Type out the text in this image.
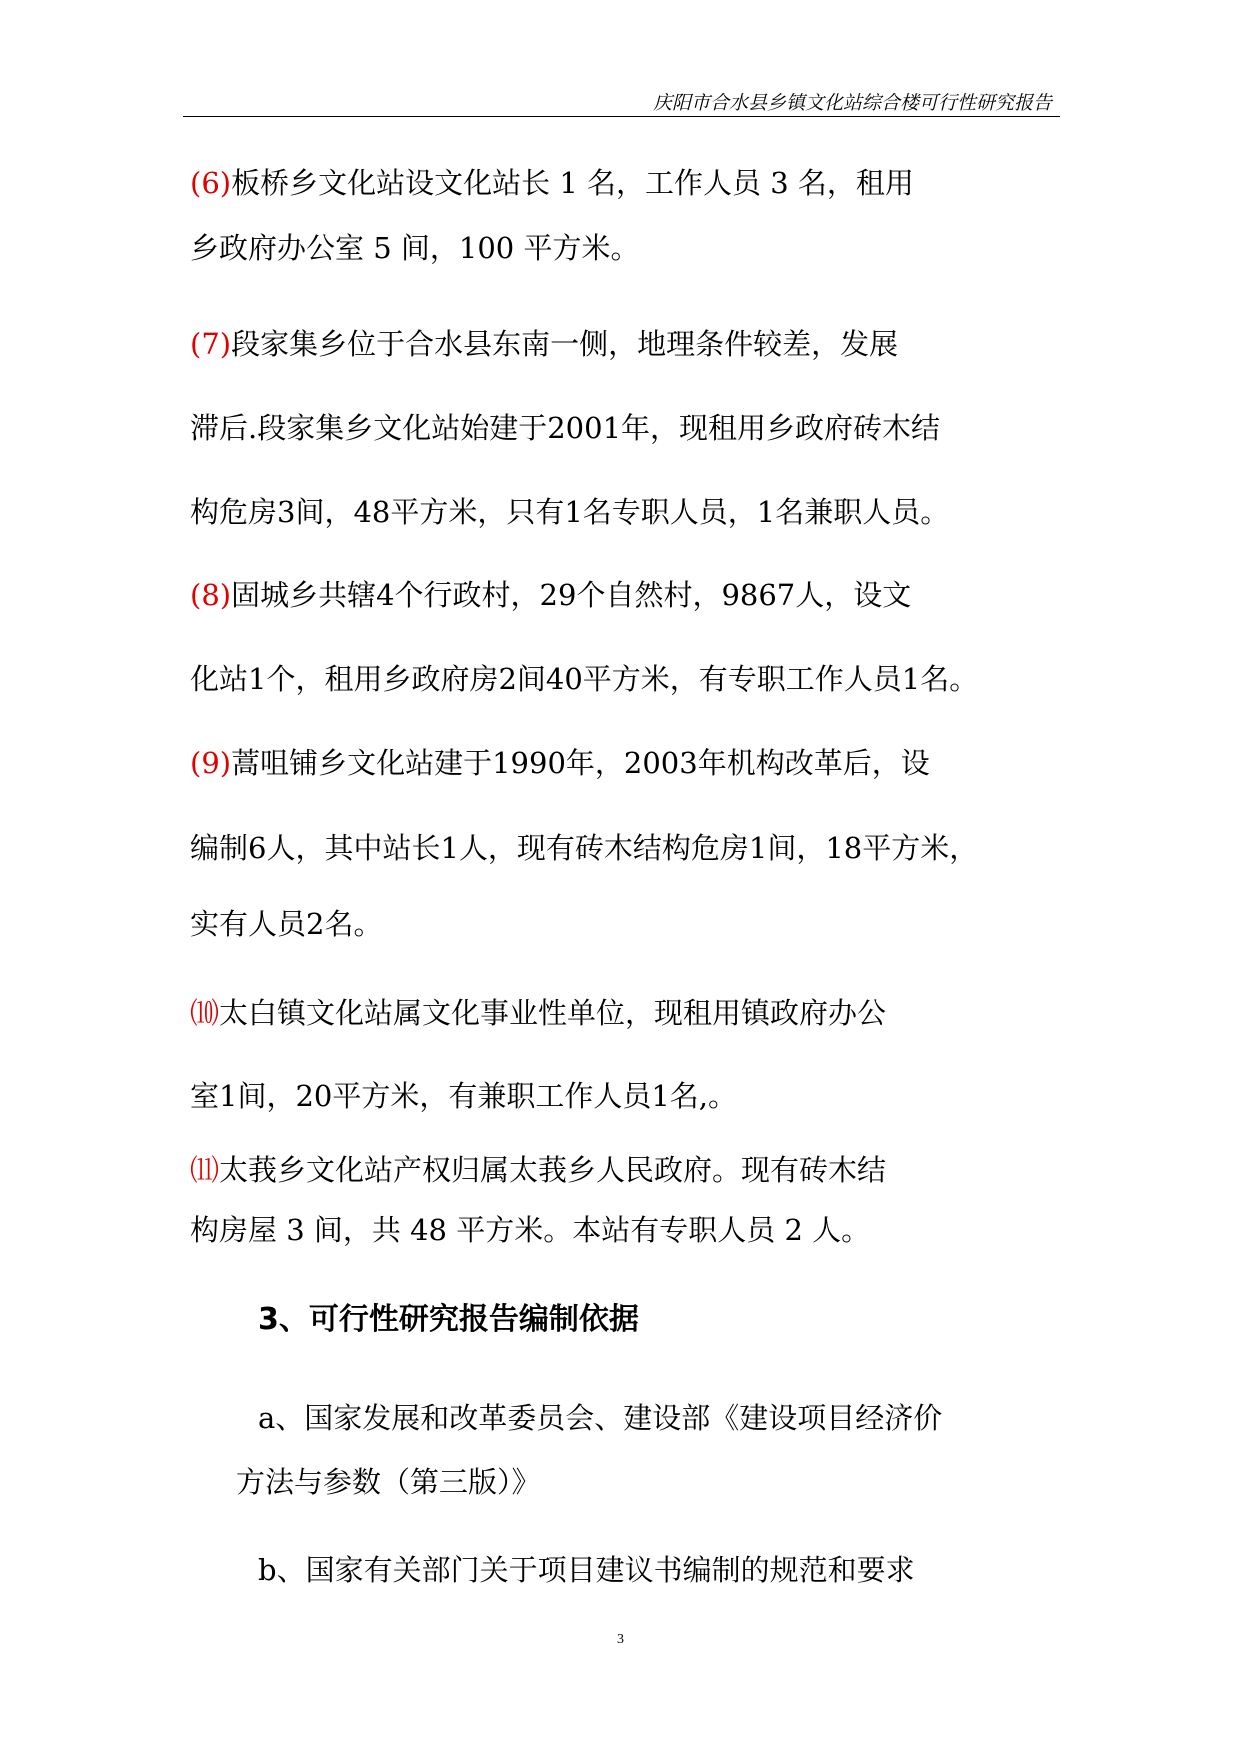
庆阳市合水县乡镇文化站综合楼可行性研究报告
(6)板桥乡文化站设文化站长 1 名，工作人员 3 名，租用
乡政府办公室 5 间，100 平方米。
(7)段家集乡位于合水县东南一侧，地理条件较差，发展
滞后.段家集乡文化站始建于2001年，现租用乡政府砖木结
构危房3间，48平方米，只有1名专职人员，1名兼职人员。
(8)固城乡共辖4个行政村，29个自然村，9867人，设文
化站1个，租用乡政府房2间40平方米，有专职工作人员1名。
(9)蒿咀铺乡文化站建于1990年，2003年机构改革后，设
编制6人，其中站长1人，现有砖木结构危房1间，18平方米，
实有人员2名。
⑽太白镇文化站属文化事业性单位，现租用镇政府办公
室1间，20平方米，有兼职工作人员1名,。
⑾太莪乡文化站产权归属太莪乡人民政府。现有砖木结
构房屋 3 间，共 48 平方米。本站有专职人员 2 人。
3、可行性研究报告编制依据
a、国家发展和改革委员会、建设部《建设项目经济价
方法与参数（第三版）》
b、国家有关部门关于项目建议书编制的规范和要求
3
